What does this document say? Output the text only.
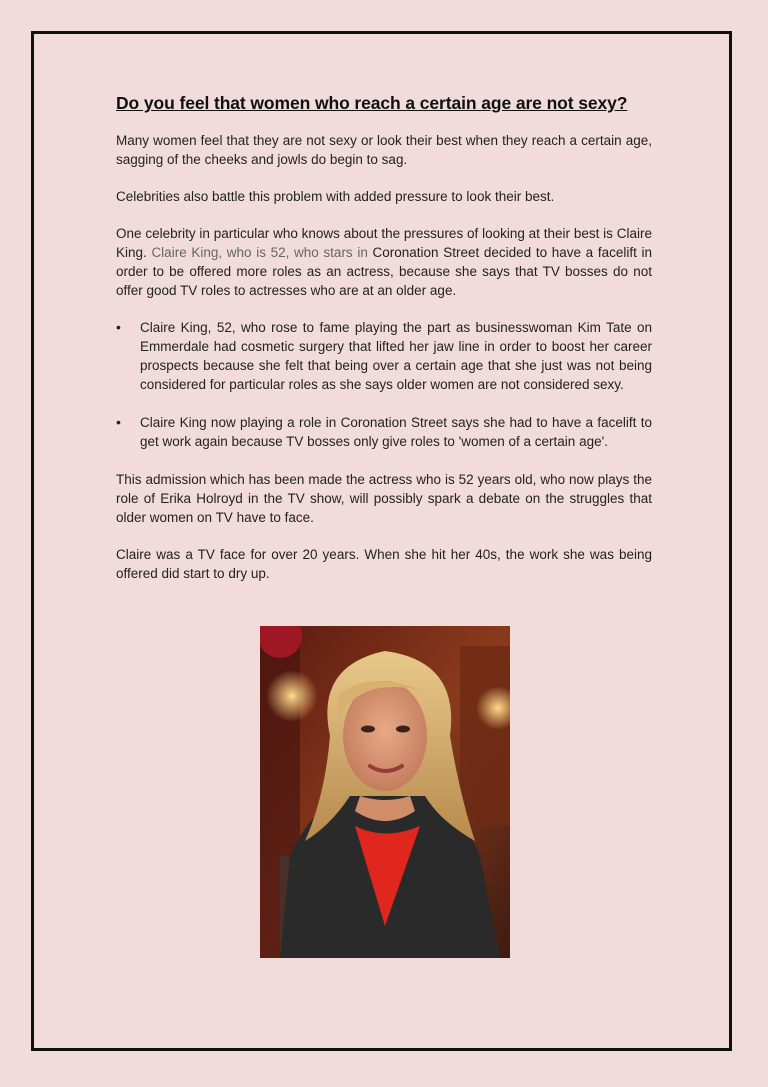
Do you feel that women who reach a certain age are not sexy?

Many women feel that they are not sexy or look their best when they reach a certain age, sagging of the cheeks and jowls do begin to sag.

Celebrities also battle this problem with added pressure to look their best.

One celebrity in particular who knows about the pressures of looking at their best is Claire King. Claire King, who is 52, who stars in Coronation Street decided to have a facelift in order to be offered more roles as an actress, because she says that TV bosses do not offer good TV roles to actresses who are at an older age.

• Claire King, 52, who rose to fame playing the part as businesswoman Kim Tate on Emmerdale had cosmetic surgery that lifted her jaw line in order to boost her career prospects because she felt that being over a certain age that she just was not being considered for particular roles as she says older women are not considered sexy.
• Claire King now playing a role in Coronation Street says she had to have a facelift to get work again because TV bosses only give roles to 'women of a certain age'.

This admission which has been made the actress who is 52 years old, who now plays the role of Erika Holroyd in the TV show, will possibly spark a debate on the struggles that older women on TV have to face.

Claire was a TV face for over 20 years. When she hit her 40s, the work she was being offered did start to dry up.
